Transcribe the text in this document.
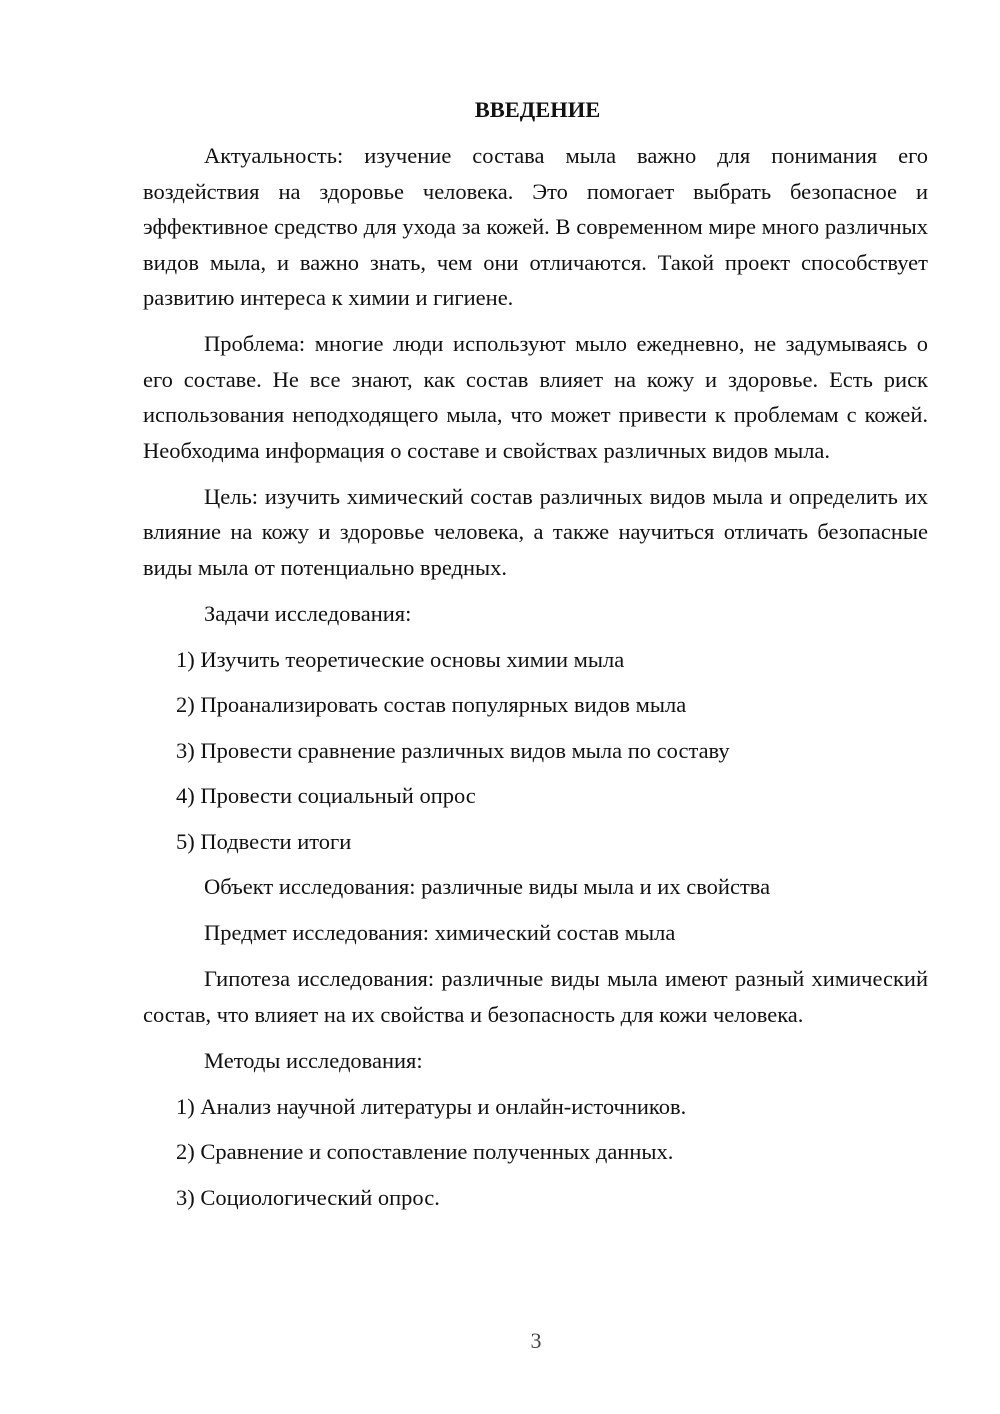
ВВЕДЕНИЕ

Актуальность: изучение состава мыла важно для понимания его воздействия на здоровье человека. Это помогает выбрать безопасное и эффективное средство для ухода за кожей. В современном мире много различных видов мыла, и важно знать, чем они отличаются. Такой проект способствует развитию интереса к химии и гигиене.

Проблема: многие люди используют мыло ежедневно, не задумываясь о его составе. Не все знают, как состав влияет на кожу и здоровье. Есть риск использования неподходящего мыла, что может привести к проблемам с кожей. Необходима информация о составе и свойствах различных видов мыла.

Цель: изучить химический состав различных видов мыла и определить их влияние на кожу и здоровье человека, а также научиться отличать безопасные виды мыла от потенциально вредных.

Задачи исследования:

1) Изучить теоретические основы химии мыла
2) Проанализировать состав популярных видов мыла
3) Провести сравнение различных видов мыла по составу
4) Провести социальный опрос
5) Подвести итоги

Объект исследования: различные виды мыла и их свойства

Предмет исследования: химический состав мыла

Гипотеза исследования: различные виды мыла имеют разный химический состав, что влияет на их свойства и безопасность для кожи человека.

Методы исследования:

1) Анализ научной литературы и онлайн-источников.
2) Сравнение и сопоставление полученных данных.
3) Социологический опрос.
3
